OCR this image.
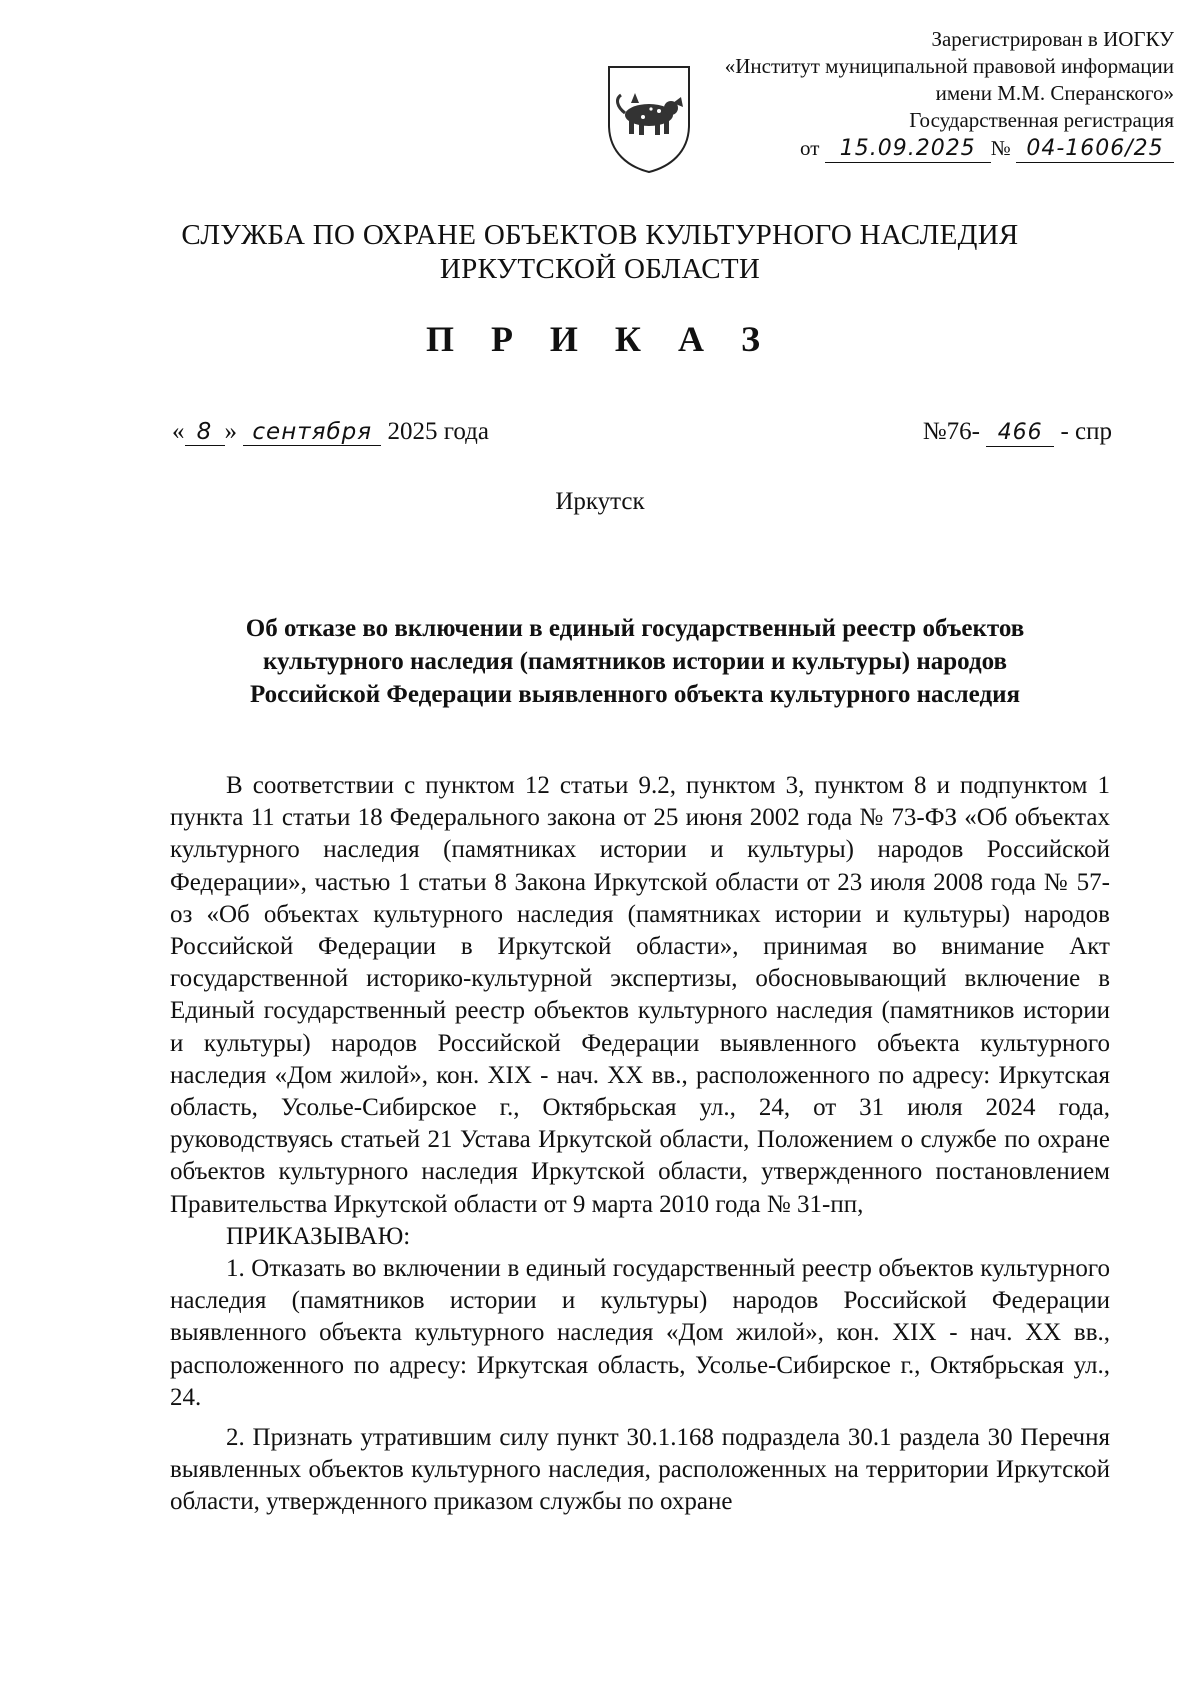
Зарегистрирован в ИОГКУ
«Институт муниципальной правовой информации
имени М.М. Сперанского»
Государственная регистрация
от 15.09.2025 № 04-1606/25
СЛУЖБА ПО ОХРАНЕ ОБЪЕКТОВ КУЛЬТУРНОГО НАСЛЕДИЯ
ИРКУТСКОЙ ОБЛАСТИ
П Р И К А З
« 8 » сентября 2025 года	№76- 466 - спр
Иркутск
Об отказе во включении в единый государственный реестр объектов
культурного наследия (памятников истории и культуры) народов
Российской Федерации выявленного объекта культурного наследия

В соответствии с пунктом 12 статьи 9.2, пунктом 3, пунктом 8 и подпунктом 1 пункта 11 статьи 18 Федерального закона от 25 июня 2002 года № 73-ФЗ «Об объектах культурного наследия (памятниках истории и культуры) народов Российской Федерации», частью 1 статьи 8 Закона Иркутской области от 23 июля 2008 года № 57-оз «Об объектах культурного наследия (памятниках истории и культуры) народов Российской Федерации в Иркутской области», принимая во внимание Акт государственной историко-культурной экспертизы, обосновывающий включение в Единый государственный реестр объектов культурного наследия (памятников истории и культуры) народов Российской Федерации выявленного объекта культурного наследия «Дом жилой», кон. XIX - нач. XX вв., расположенного по адресу: Иркутская область, Усолье-Сибирское г., Октябрьская ул., 24, от 31 июля 2024 года, руководствуясь статьей 21 Устава Иркутской области, Положением о службе по охране объектов культурного наследия Иркутской области, утвержденного постановлением Правительства Иркутской области от 9 марта 2010 года № 31-пп,

ПРИКАЗЫВАЮ:

1. Отказать во включении в единый государственный реестр объектов культурного наследия (памятников истории и культуры) народов Российской Федерации выявленного объекта культурного наследия «Дом жилой», кон. XIX - нач. XX вв., расположенного по адресу: Иркутская область, Усолье-Сибирское г., Октябрьская ул., 24.

2. Признать утратившим силу пункт 30.1.168 подраздела 30.1 раздела 30 Перечня выявленных объектов культурного наследия, расположенных на территории Иркутской области, утвержденного приказом службы по охране
